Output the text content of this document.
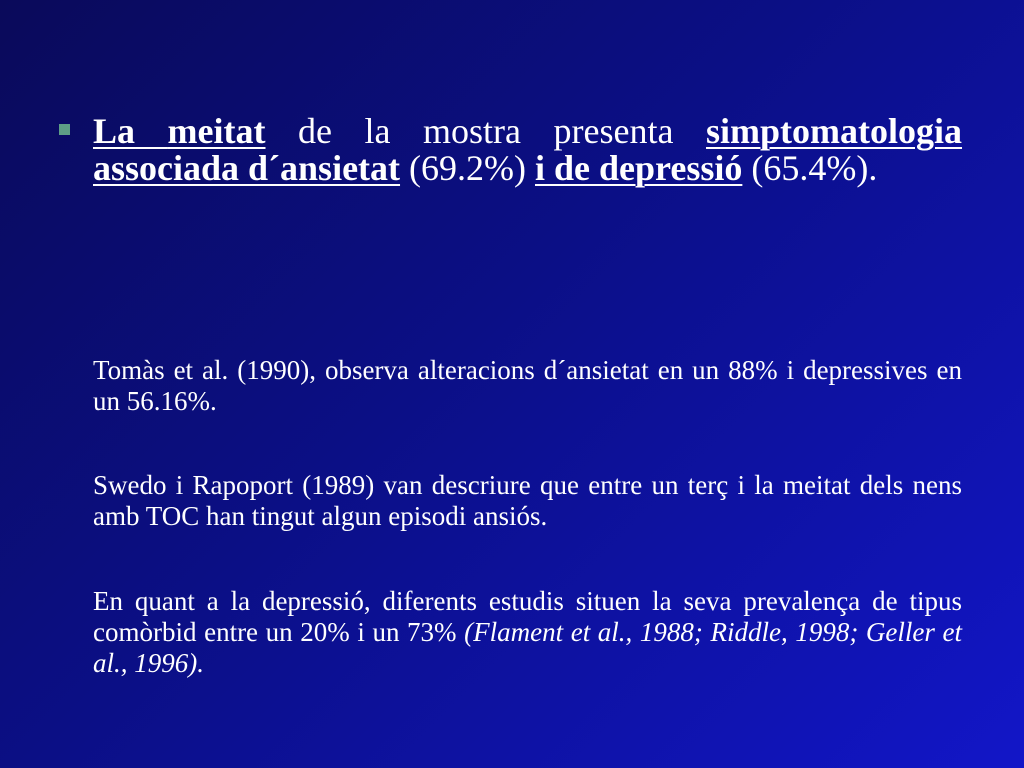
La meitat de la mostra presenta simptomatologia associada d´ansietat (69.2%) i de depressió (65.4%).

Tomàs et al. (1990), observa alteracions d´ansietat en un 88% i depressives en un 56.16%.

Swedo i Rapoport (1989) van descriure que entre un terç i la meitat dels nens amb TOC han tingut algun episodi ansiós.

En quant a la depressió, diferents estudis situen la seva prevalença de tipus comòrbid entre un 20% i un 73% (Flament et al., 1988; Riddle, 1998; Geller et al., 1996).
